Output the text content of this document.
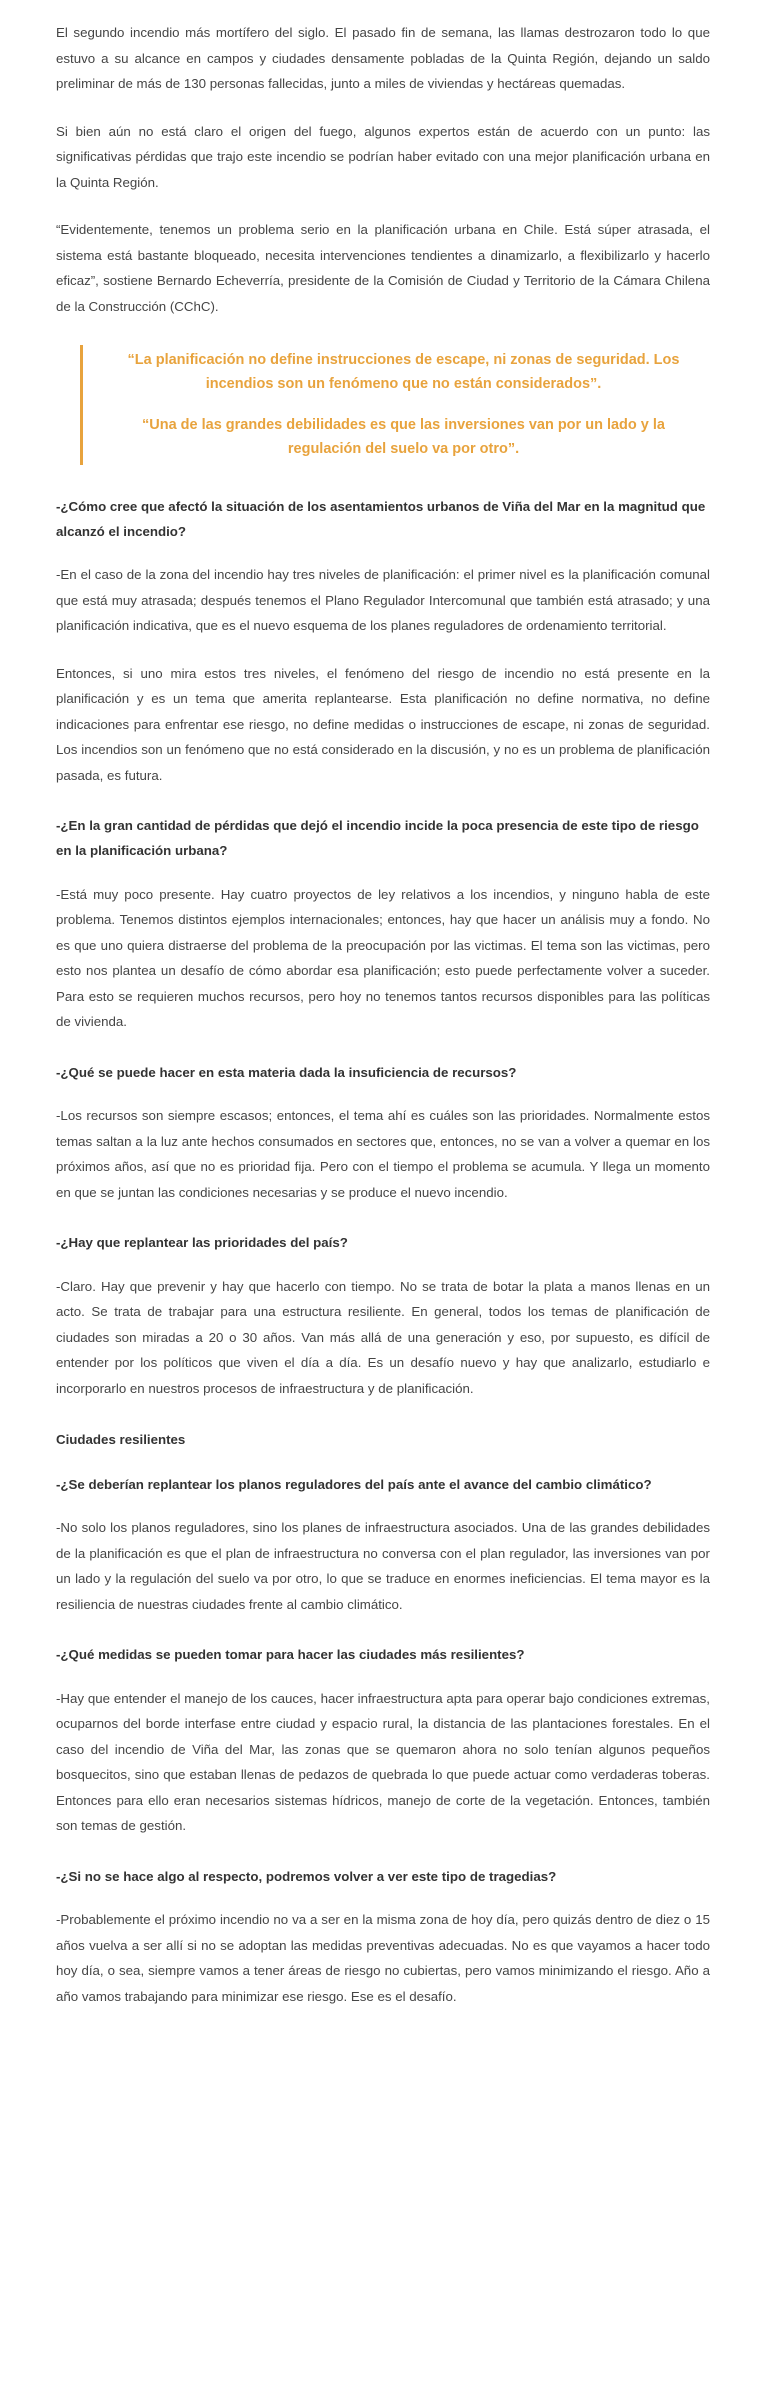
El segundo incendio más mortífero del siglo. El pasado fin de semana, las llamas destrozaron todo lo que estuvo a su alcance en campos y ciudades densamente pobladas de la Quinta Región, dejando un saldo preliminar de más de 130 personas fallecidas, junto a miles de viviendas y hectáreas quemadas.

Si bien aún no está claro el origen del fuego, algunos expertos están de acuerdo con un punto: las significativas pérdidas que trajo este incendio se podrían haber evitado con una mejor planificación urbana en la Quinta Región.

“Evidentemente, tenemos un problema serio en la planificación urbana en Chile. Está súper atrasada, el sistema está bastante bloqueado, necesita intervenciones tendientes a dinamizarlo, a flexibilizarlo y hacerlo eficaz”, sostiene Bernardo Echeverría, presidente de la Comisión de Ciudad y Territorio de la Cámara Chilena de la Construcción (CChC).

“La planificación no define instrucciones de escape, ni zonas de seguridad. Los incendios son un fenómeno que no están considerados”.

“Una de las grandes debilidades es que las inversiones van por un lado y la regulación del suelo va por otro”.

-¿Cómo cree que afectó la situación de los asentamientos urbanos de Viña del Mar en la magnitud que alcanzó el incendio?

-En el caso de la zona del incendio hay tres niveles de planificación: el primer nivel es la planificación comunal que está muy atrasada; después tenemos el Plano Regulador Intercomunal que también está atrasado; y una planificación indicativa, que es el nuevo esquema de los planes reguladores de ordenamiento territorial.

Entonces, si uno mira estos tres niveles, el fenómeno del riesgo de incendio no está presente en la planificación y es un tema que amerita replantearse. Esta planificación no define normativa, no define indicaciones para enfrentar ese riesgo, no define medidas o instrucciones de escape, ni zonas de seguridad. Los incendios son un fenómeno que no está considerado en la discusión, y no es un problema de planificación pasada, es futura.

-¿En la gran cantidad de pérdidas que dejó el incendio incide la poca presencia de este tipo de riesgo en la planificación urbana?

-Está muy poco presente. Hay cuatro proyectos de ley relativos a los incendios, y ninguno habla de este problema. Tenemos distintos ejemplos internacionales; entonces, hay que hacer un análisis muy a fondo. No es que uno quiera distraerse del problema de la preocupación por las victimas. El tema son las victimas, pero esto nos plantea un desafío de cómo abordar esa planificación; esto puede perfectamente volver a suceder. Para esto se requieren muchos recursos, pero hoy no tenemos tantos recursos disponibles para las políticas de vivienda.

-¿Qué se puede hacer en esta materia dada la insuficiencia de recursos?

-Los recursos son siempre escasos; entonces, el tema ahí es cuáles son las prioridades. Normalmente estos temas saltan a la luz ante hechos consumados en sectores que, entonces, no se van a volver a quemar en los próximos años, así que no es prioridad fija. Pero con el tiempo el problema se acumula. Y llega un momento en que se juntan las condiciones necesarias y se produce el nuevo incendio.

-¿Hay que replantear las prioridades del país?

-Claro. Hay que prevenir y hay que hacerlo con tiempo. No se trata de botar la plata a manos llenas en un acto. Se trata de trabajar para una estructura resiliente. En general, todos los temas de planificación de ciudades son miradas a 20 o 30 años. Van más allá de una generación y eso, por supuesto, es difícil de entender por los políticos que viven el día a día. Es un desafío nuevo y hay que analizarlo, estudiarlo e incorporarlo en nuestros procesos de infraestructura y de planificación.

Ciudades resilientes

-¿Se deberían replantear los planos reguladores del país ante el avance del cambio climático?

-No solo los planos reguladores, sino los planes de infraestructura asociados. Una de las grandes debilidades de la planificación es que el plan de infraestructura no conversa con el plan regulador, las inversiones van por un lado y la regulación del suelo va por otro, lo que se traduce en enormes ineficiencias. El tema mayor es la resiliencia de nuestras ciudades frente al cambio climático.

-¿Qué medidas se pueden tomar para hacer las ciudades más resilientes?

-Hay que entender el manejo de los cauces, hacer infraestructura apta para operar bajo condiciones extremas, ocuparnos del borde interfase entre ciudad y espacio rural, la distancia de las plantaciones forestales. En el caso del incendio de Viña del Mar, las zonas que se quemaron ahora no solo tenían algunos pequeños bosquecitos, sino que estaban llenas de pedazos de quebrada lo que puede actuar como verdaderas toberas. Entonces para ello eran necesarios sistemas hídricos, manejo de corte de la vegetación. Entonces, también son temas de gestión.

-¿Si no se hace algo al respecto, podremos volver a ver este tipo de tragedias?

-Probablemente el próximo incendio no va a ser en la misma zona de hoy día, pero quizás dentro de diez o 15 años vuelva a ser allí si no se adoptan las medidas preventivas adecuadas. No es que vayamos a hacer todo hoy día, o sea, siempre vamos a tener áreas de riesgo no cubiertas, pero vamos minimizando el riesgo. Año a año vamos trabajando para minimizar ese riesgo. Ese es el desafío.
